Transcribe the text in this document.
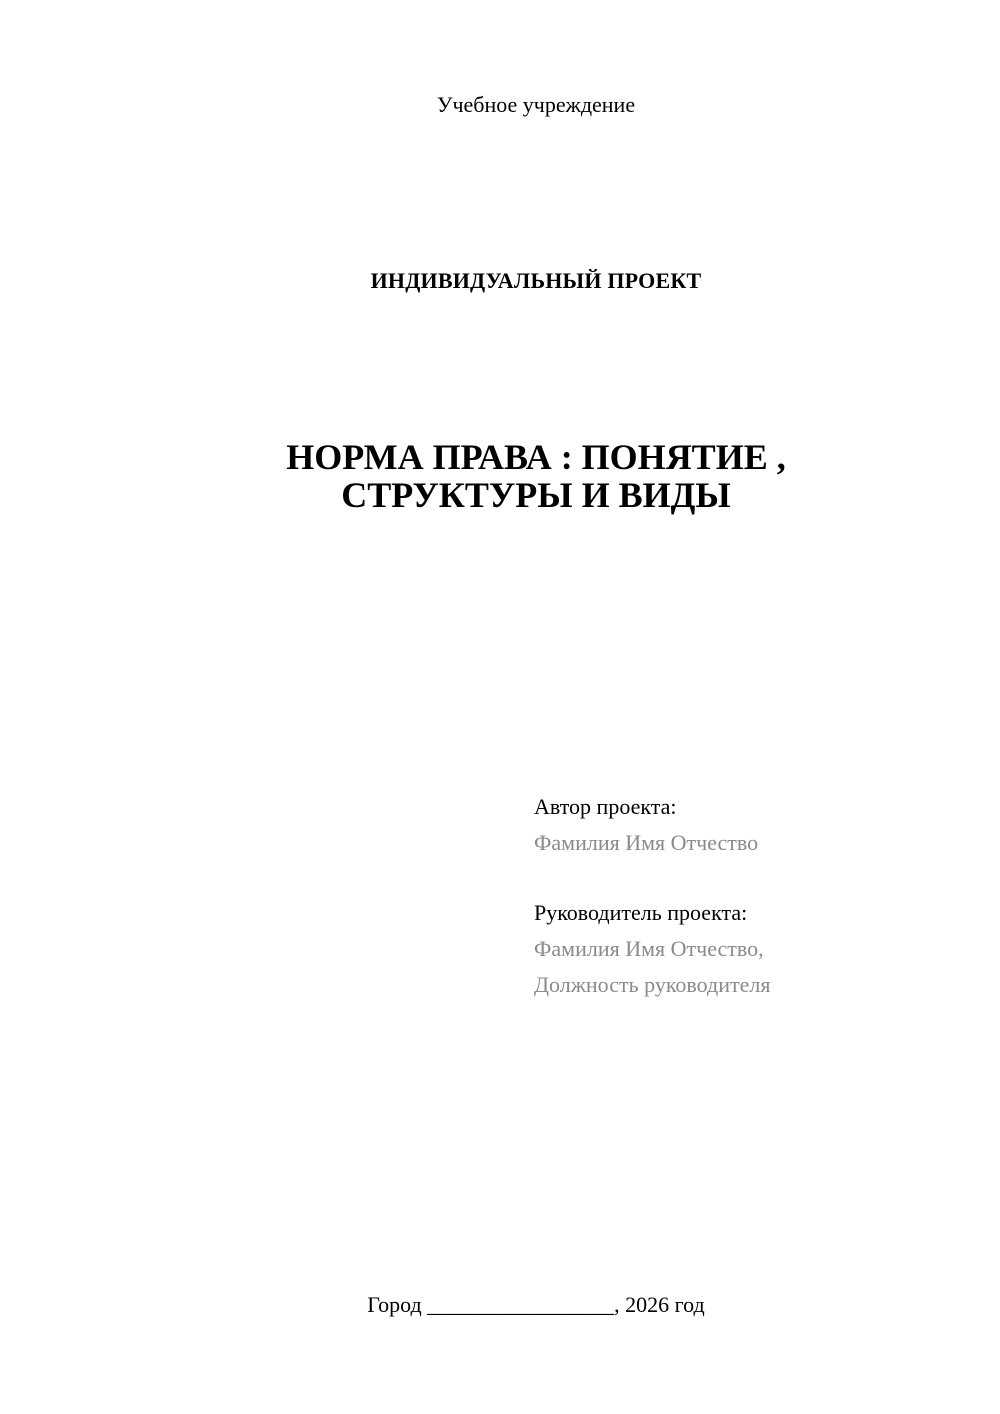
Учебное учреждение
ИНДИВИДУАЛЬНЫЙ ПРОЕКТ
НОРМА ПРАВА : ПОНЯТИЕ ,
СТРУКТУРЫ И ВИДЫ
Автор проекта:
Фамилия Имя Отчество
Руководитель проекта:
Фамилия Имя Отчество,
Должность руководителя
Город _________________, 2026 год
